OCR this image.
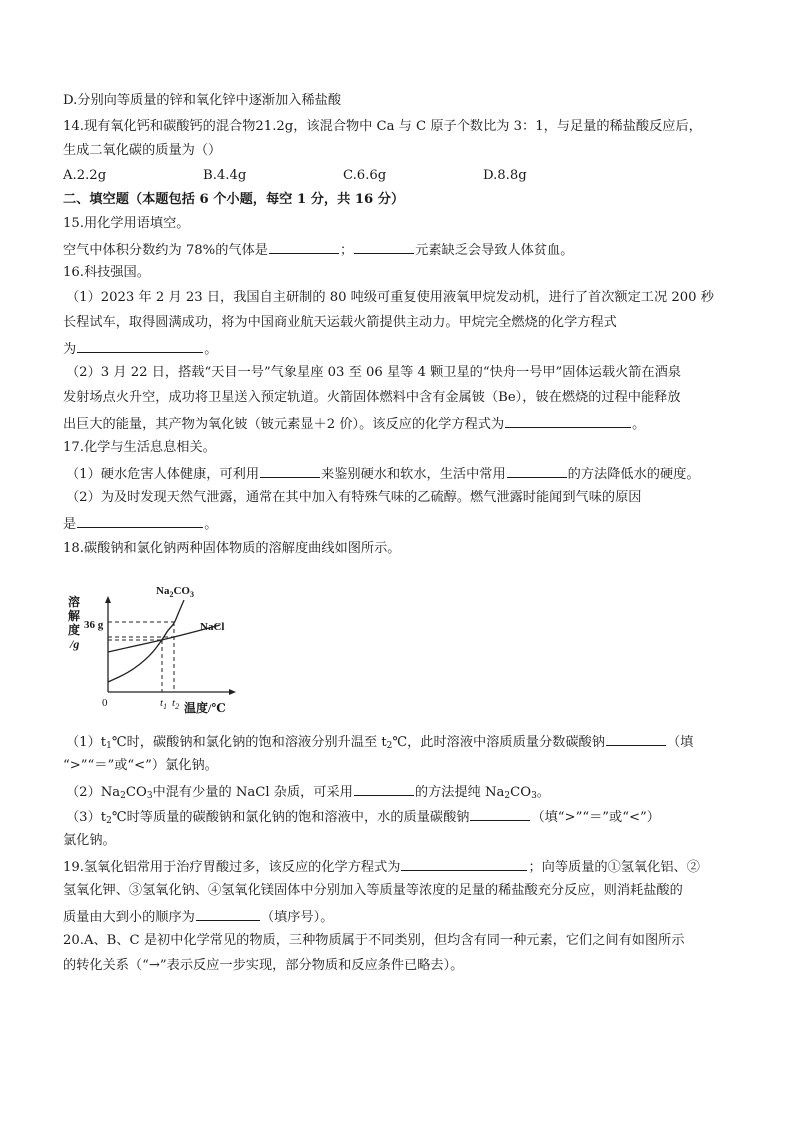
D.分别向等质量的锌和氧化锌中逐渐加入稀盐酸
14.现有氧化钙和碳酸钙的混合物21.2g，该混合物中 Ca 与 C 原子个数比为 3：1，与足量的稀盐酸反应后，
生成二氧化碳的质量为（）
A.2.2g	B.4.4g	C.6.6g	D.8.8g
二、填空题（本题包括 6 个小题，每空 1 分，共 16 分）
15.用化学用语填空。
空气中体积分数约为 78%的气体是	；	元素缺乏会导致人体贫血。
16.科技强国。
（1）2023 年 2 月 23 日，我国自主研制的 80 吨级可重复使用液氧甲烷发动机，进行了首次额定工况 200 秒
长程试车，取得圆满成功，将为中国商业航天运载火箭提供主动力。甲烷完全燃烧的化学方程式
为	。
（2）3 月 22 日，搭载“天目一号”气象星座 03 至 06 星等 4 颗卫星的“快舟一号甲”固体运载火箭在酒泉
发射场点火升空，成功将卫星送入预定轨道。火箭固体燃料中含有金属铍（Be），铍在燃烧的过程中能释放
出巨大的能量，其产物为氧化铍（铍元素显＋2 价）。该反应的化学方程式为	。
17.化学与生活息息相关。
（1）硬水危害人体健康，可利用	来鉴别硬水和软水，生活中常用	的方法降低水的硬度。
（2）为及时发现天然气泄露，通常在其中加入有特殊气味的乙硫醇。燃气泄露时能闻到气味的原因
是	。
18.碳酸钠和氯化钠两种固体物质的溶解度曲线如图所示。
溶
解
度
/g
36 g
0
$Na_2CO_3$
NaCl
$t_1$ $t_2$ 温度/℃
$(1)t_1℃$时，碳酸钠和氯化钠的饱和溶液分别升温至 $t_2℃$，此时溶液中溶质质量分数碳酸钠	（填
“>”“＝”或“<”）氯化钠。
$(2)Na_2CO_3$中混有少量的 NaCl 杂质，可采用	的方法提纯 $Na_2CO_3$。
$(3)t_2℃$时等质量的碳酸钠和氯化钠的饱和溶液中，水的质量碳酸钠	（填“>”“＝”或“<”）
氯化钠。
19.氢氧化铝常用于治疗胃酸过多，该反应的化学方程式为	；向等质量的①氢氧化铝、②
氢氧化钾、③氢氧化钠、④氢氧化镁固体中分别加入等质量等浓度的足量的稀盐酸充分反应，则消耗盐酸的
质量由大到小的顺序为	（填序号）。
20.A、B、C 是初中化学常见的物质，三种物质属于不同类别，但均含有同一种元素，它们之间有如图所示
的转化关系（“→”表示反应一步实现，部分物质和反应条件已略去）。
